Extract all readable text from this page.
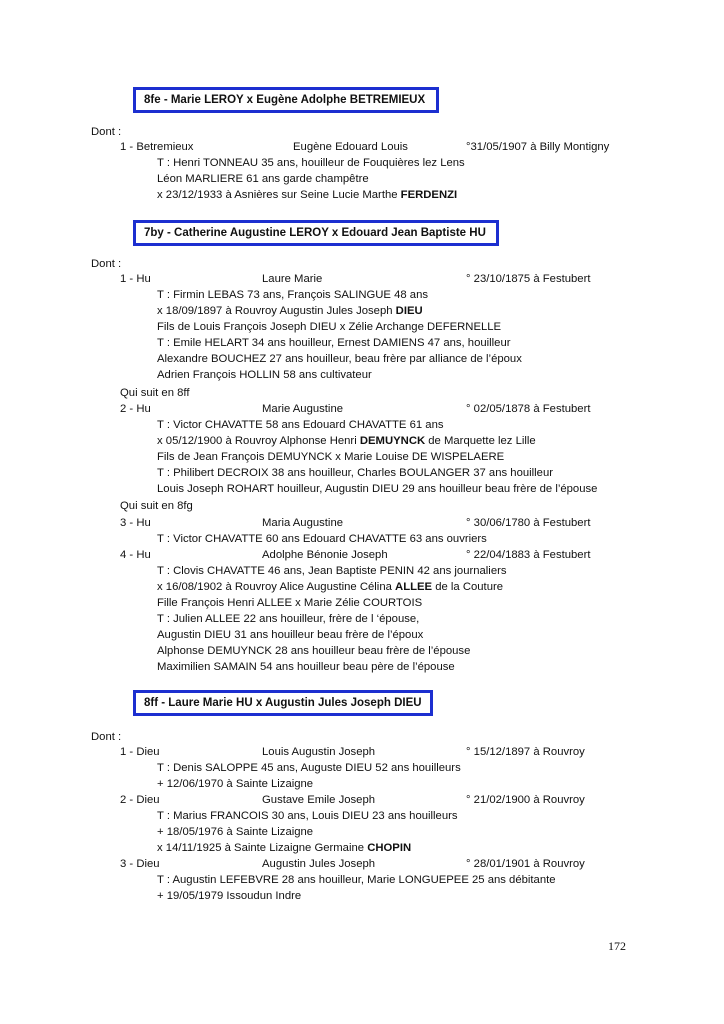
8fe - Marie LEROY x Eugène Adolphe BETREMIEUX
Dont :
1 - Betremieux	Eugène Edouard Louis	°31/05/1907 à Billy Montigny
T : Henri TONNEAU 35 ans, houilleur de Fouquières lez Lens
Léon MARLIERE 61 ans garde champêtre
x 23/12/1933 à Asnières sur Seine Lucie Marthe FERDENZI
7by - Catherine Augustine LEROY x Edouard Jean Baptiste HU
Dont :
1 - Hu	Laure Marie	° 23/10/1875 à Festubert
T : Firmin LEBAS 73 ans, François SALINGUE 48 ans
x 18/09/1897 à Rouvroy Augustin Jules Joseph DIEU
Fils de Louis François Joseph DIEU x Zélie Archange DEFERNELLE
T : Emile HELART 34 ans houilleur, Ernest DAMIENS 47 ans, houilleur
Alexandre BOUCHEZ 27 ans houilleur, beau frère par alliance de l’époux
Adrien François HOLLIN 58 ans cultivateur
Qui suit en 8ff
2 - Hu	Marie Augustine	° 02/05/1878 à Festubert
T : Victor CHAVATTE 58 ans Edouard CHAVATTE 61 ans
x 05/12/1900 à Rouvroy Alphonse Henri DEMUYNCK de Marquette lez Lille
Fils de Jean François DEMUYNCK x Marie Louise DE WISPELAERE
T : Philibert DECROIX 38 ans houilleur, Charles BOULANGER 37 ans houilleur
Louis Joseph ROHART houilleur, Augustin DIEU 29 ans houilleur beau frère de l’épouse
Qui suit en 8fg
3 - Hu	Maria Augustine	° 30/06/1780 à Festubert
T : Victor CHAVATTE 60 ans Edouard CHAVATTE 63 ans ouvriers
4 - Hu	Adolphe Bénonie Joseph	° 22/04/1883 à Festubert
T : Clovis CHAVATTE 46 ans, Jean Baptiste PENIN 42 ans journaliers
x 16/08/1902 à Rouvroy Alice Augustine Célina ALLEE de la Couture
Fille François Henri ALLEE x Marie Zélie COURTOIS
T : Julien ALLEE 22 ans houilleur, frère de l ‘épouse,
Augustin DIEU 31 ans houilleur beau frère de l’époux
Alphonse DEMUYNCK 28 ans houilleur beau frère de l’épouse
Maximilien SAMAIN 54 ans houilleur beau père de l’épouse
8ff - Laure Marie HU x Augustin Jules Joseph DIEU
Dont :
1 - Dieu	Louis Augustin Joseph	° 15/12/1897 à Rouvroy
T : Denis SALOPPE 45 ans, Auguste DIEU 52 ans houilleurs
+ 12/06/1970 à Sainte Lizaigne
2 - Dieu	Gustave Emile Joseph	° 21/02/1900 à Rouvroy
T : Marius FRANCOIS 30 ans, Louis DIEU 23 ans houilleurs
+ 18/05/1976 à Sainte Lizaigne
x 14/11/1925 à Sainte Lizaigne Germaine CHOPIN
3 - Dieu	Augustin Jules Joseph	° 28/01/1901 à Rouvroy
T : Augustin LEFEBVRE 28 ans houilleur, Marie LONGUEPEE 25 ans débitante
+ 19/05/1979 Issoudun Indre
172
